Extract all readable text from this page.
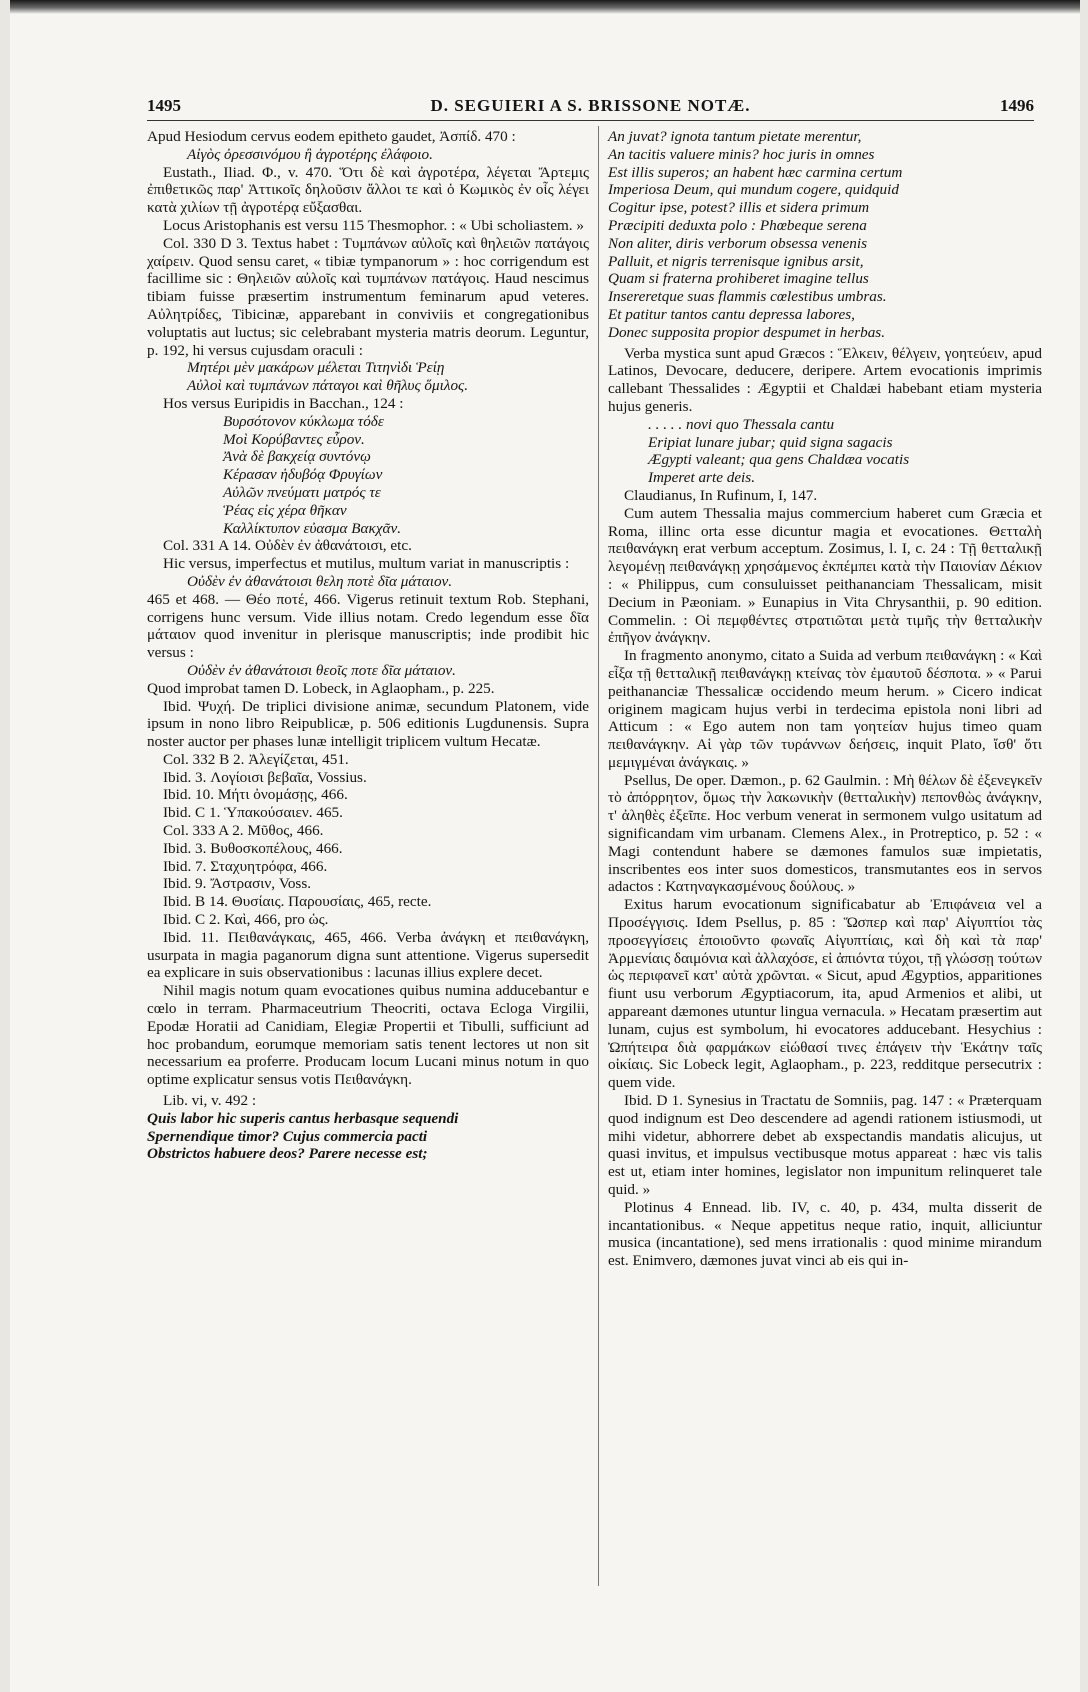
1495	D. SEGUIERI A S. BRISSONE NOTÆ.	1496
Apud Hesiodum cervus eodem epitheto gaudet, Ἀσπίδ. 470 :
Αἰγὸς ὀρεσσινόμου ἢ ἀγροτέρης ἐλάφοιο.
Eustath., Iliad. Φ., v. 470. Ὅτι δὲ καὶ ἀγροτέρα, λέγεται Ἄρτεμις ἐπιθετικῶς παρ' Ἀττικοῖς δηλοῦσιν ἄλλοι τε καὶ ὁ Κωμικὸς ἐν οἷς λέγει κατὰ χιλίων τῇ ἀγροτέρᾳ εὔξασθαι.
Locus Aristophanis est versu 115 Thesmophor. : « Ubi scholiastem. »
Col. 330 D 3. Textus habet : Τυμπάνων αὐλοῖς καὶ θηλειῶν πατάγοις χαίρειν. Quod sensu caret, « tibiæ tympanorum » : hoc corrigendum est facillime sic : Θηλειῶν αὐλοῖς καὶ τυμπάνων πατάγοις. Haud nescimus tibiam fuisse præsertim instrumentum feminarum apud veteres. Αὐλητρίδες, Tibicinæ, apparebant in conviviis et congregationibus voluptatis aut luctus; sic celebrabant mysteria matris deorum. Leguntur, p. 192, hi versus cujusdam oraculi :
Μητέρι μὲν μακάρων μέλεται Τιτηνὶδι Ῥείῃ
Αὐλοὶ καὶ τυμπάνων πάταγοι καὶ θῆλυς ὅμιλος.
Hos versus Euripidis in Bacchan., 124 :
Βυρσότονον κύκλωμα τόδε
Μοὶ Κορύβαντες εὗρον.
Ἀνὰ δὲ βακχείᾳ συντόνῳ
Κέρασαν ἡδυβόᾳ Φρυγίων
Αὐλῶν πνεύματι ματρός τε
Ῥέας εἰς χέρα θῆκαν
Καλλίκτυπον εὐασμα Βακχᾶν.
Col. 331 A 14. Οὐδὲν ἐν ἀθανάτοισι, etc.
Hic versus, imperfectus et mutilus, multum variat in manuscriptis :
Οὐδὲν ἐν ἀθανάτοισι θελη ποτὲ δῖα μάταιον.
465 et 468. — Θέο ποτέ, 466. Vigerus retinuit textum Rob. Stephani, corrigens hunc versum. Vide illius notam. Credo legendum esse δῖα μάταιον quod invenitur in plerisque manuscriptis; inde prodibit hic versus :
Οὐδὲν ἐν ἀθανάτοισι θεοῖς ποτε δῖα μάταιον.
Quod improbat tamen D. Lobeck, in Aglaopham., p. 225.
Ibid. Ψυχή. De triplici divisione animæ, secundum Platonem, vide ipsum in nono libro Reipublicæ, p. 506 editionis Lugdunensis. Supra noster auctor per phases lunæ intelligit triplicem vultum Hecatæ.
Col. 332 B 2. Ἀλεγίζεται, 451.
Ibid. 3. Λογίοισι βεβαῖα, Vossius.
Ibid. 10. Μήτι ὀνομάσῃς, 466.
Ibid. C 1. Ὑπακούσαιεν. 465.
Col. 333 A 2. Μῦθος, 466.
Ibid. 3. Βυθοσκοπέλους, 466.
Ibid. 7. Σταχυητρόφα, 466.
Ibid. 9. Ἄστρασιν, Voss.
Ibid. B 14. Θυσίαις. Παρουσίαις, 465, recte.
Ibid. C 2. Καὶ, 466, pro ὡς.
Ibid. 11. Πειθανάγκαις, 465, 466. Verba ἀνάγκη et πειθανάγκη, usurpata in magia paganorum digna sunt attentione. Vigerus supersedit ea explicare in suis observationibus : lacunas illius explere decet.
Nihil magis notum quam evocationes quibus numina adducebantur e cœlo in terram. Pharmaceutrium Theocriti, octava Ecloga Virgilii, Epodæ Horatii ad Canidiam, Elegiæ Propertii et Tibulli, sufficiunt ad hoc probandum, eorumque memoriam satis tenent lectores ut non sit necessarium ea proferre. Producam locum Lucani minus notum in quo optime explicatur sensus votis Πειθανάγκη.
Lib. vi, v. 492 :
Quis labor hic superis cantus herbasque sequendi
Spernendique timor? Cujus commercia pacti
Obstrictos habuere deos? Parere necesse est;
An juvat? ignota tantum pietate merentur,
An tacitis valuere minis? hoc juris in omnes
Est illis superos; an habent hæc carmina certum
Imperiosa Deum, qui mundum cogere, quidquid
Cogitur ipse, potest? illis et sidera primum
Præcipiti deduxta polo : Phœbeque serena
Non aliter, diris verborum obsessa venenis
Palluit, et nigris terrenisque ignibus arsit,
Quam si fraterna prohiberet imagine tellus
Insereretque suas flammis cœlestibus umbras.
Et patitur tantos cantu depressa labores,
Donec supposita propior despumet in herbas.
Verba mystica sunt apud Græcos : Ἕλκειν, θέλγειν, γοητεύειν, apud Latinos, Devocare, deducere, deripere. Artem evocationis imprimis callebant Thessalides : Ægyptii et Chaldæi habebant etiam mysteria hujus generis.
. . . . . novi quo Thessala cantu
Eripiat lunare jubar; quid signa sagacis
Ægypti valeant; qua gens Chaldæa vocatis
Imperet arte deis.
Claudianus, In Rufinum, I, 147.
Cum autem Thessalia majus commercium haberet cum Græcia et Roma, illinc orta esse dicuntur magia et evocationes. Θετταλὴ πειθανάγκη erat verbum acceptum. Zosimus, l. I, c. 24 : Τῇ θετταλικῇ λεγομένῃ πειθανάγκῃ χρησάμενος ἐκπέμπει κατὰ τὴν Παιονίαν Δέκιον : « Philippus, cum consuluisset peithananciam Thessalicam, misit Decium in Pæoniam. » Eunapius in Vita Chrysanthii, p. 90 edition. Commelin. : Οἱ πεμφθέντες στρατιῶται μετὰ τιμῆς τὴν θετταλικὴν ἐπῆγον ἀνάγκην.
In fragmento anonymo, citato a Suida ad verbum πειθανάγκη : « Καὶ εἶξα τῇ θετταλικῇ πειθανάγκῃ κτείνας τὸν ἐμαυτοῦ δέσποτα. » « Parui peithananciæ Thessalicæ occidendo meum herum. » Cicero indicat originem magicam hujus verbi in terdecima epistola noni libri ad Atticum : « Ego autem non tam γοητείαν hujus timeo quam πειθανάγκην. Αἱ γὰρ τῶν τυράννων δεήσεις, inquit Plato, ἴσθ' ὅτι μεμιγμέναι ἀνάγκαις. »
Psellus, De oper. Dæmon., p. 62 Gaulmin. : Μὴ θέλων δὲ ἐξενεγκεῖν τὸ ἀπόρρητον, ὅμως τὴν λακωνικὴν (θετταλικὴν) πεπονθὼς ἀνάγκην, τ' ἀληθὲς ἐξεῖπε. Hoc verbum venerat in sermonem vulgo usitatum ad significandam vim urbanam. Clemens Alex., in Protreptico, p. 52 : « Magi contendunt habere se dæmones famulos suæ impietatis, inscribentes eos inter suos domesticos, transmutantes eos in servos adactos : Κατηναγκασμένους δούλους. »
Exitus harum evocationum significabatur ab Ἐπιφάνεια vel a Προσέγγισις. Idem Psellus, p. 85 : Ὥσπερ καὶ παρ' Αἰγυπτίοι τὰς προσεγγίσεις ἐποιοῦντο φωναῖς Αἰγυπτίαις, καὶ δὴ καὶ τὰ παρ' Ἀρμενίαις δαιμόνια καὶ ἀλλαχόσε, εἰ ἀπιόντα τύχοι, τῇ γλώσσῃ τούτων ὡς περιφανεῖ κατ' αὐτὰ χρῶνται. « Sicut, apud Ægyptios, apparitiones fiunt usu verborum Ægyptiacorum, ita, apud Armenios et alibi, ut appareant dæmones utuntur lingua vernacula. » Hecatam præsertim aut lunam, cujus est symbolum, hi evocatores adducebant. Hesychius : Ὠπήτειρα διὰ φαρμάκων εἰώθασί τινες ἐπάγειν τὴν Ἑκάτην ταῖς οἰκίαις. Sic Lobeck legit, Aglaopham., p. 223, redditque persecutrix : quem vide.
Ibid. D 1. Synesius in Tractatu de Somniis, pag. 147 : « Præterquam quod indignum est Deo descendere ad agendi rationem istiusmodi, ut mihi videtur, abhorrere debet ab exspectandis mandatis alicujus, ut quasi invitus, et impulsus vectibusque motus appareat : hæc vis talis est ut, etiam inter homines, legislator non impunitum relinqueret tale quid. »
Plotinus 4 Ennead. lib. IV, c. 40, p. 434, multa disserit de incantationibus. « Neque appetitus neque ratio, inquit, alliciuntur musica (incantatione), sed mens irrationalis : quod minime mirandum est. Enimvero, dæmones juvat vinci ab eis qui in-
